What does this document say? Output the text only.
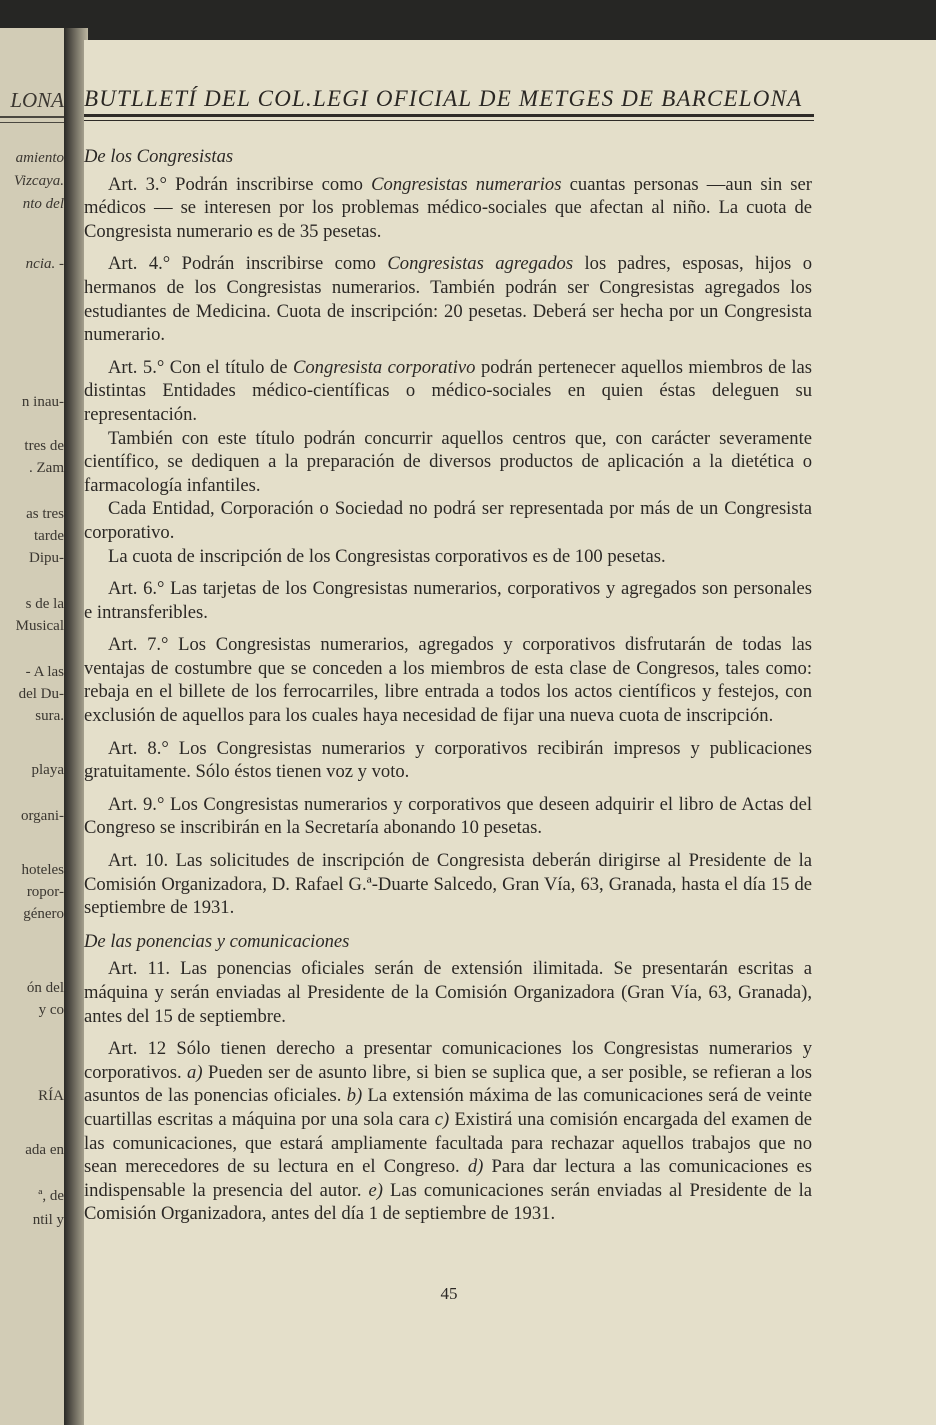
LONA
amiento
Vizcaya.
nto del
ncia. -
n inau-
tres de
. Zam
as tres
tarde
Dipu-
s de la
Musical
- A las
del Du-
sura.
playa
organi-
hoteles
ropor-
género
ón del
y co
RÍA
ada en
ª, de
ntil y
BUTLLETÍ DEL COL.LEGI OFICIAL DE METGES DE BARCELONA

De los Congresistas

Art. 3.° Podrán inscribirse como Congresistas numerarios cuantas personas —aun sin ser médicos — se interesen por los problemas médico-sociales que afectan al niño. La cuota de Congresista numerario es de 35 pesetas.

Art. 4.° Podrán inscribirse como Congresistas agregados los padres, esposas, hijos o hermanos de los Congresistas numerarios. También podrán ser Congresistas agregados los estudiantes de Medicina. Cuota de inscripción: 20 pesetas. Deberá ser hecha por un Congresista numerario.

Art. 5.° Con el título de Congresista corporativo podrán pertenecer aquellos miembros de las distintas Entidades médico-científicas o médico-sociales en quien éstas deleguen su representación.

También con este título podrán concurrir aquellos centros que, con carácter severamente científico, se dediquen a la preparación de diversos productos de aplicación a la dietética o farmacología infantiles.

Cada Entidad, Corporación o Sociedad no podrá ser representada por más de un Congresista corporativo.

La cuota de inscripción de los Congresistas corporativos es de 100 pesetas.

Art. 6.° Las tarjetas de los Congresistas numerarios, corporativos y agregados son personales e intransferibles.

Art. 7.° Los Congresistas numerarios, agregados y corporativos disfrutarán de todas las ventajas de costumbre que se conceden a los miembros de esta clase de Congresos, tales como: rebaja en el billete de los ferrocarriles, libre entrada a todos los actos científicos y festejos, con exclusión de aquellos para los cuales haya necesidad de fijar una nueva cuota de inscripción.

Art. 8.° Los Congresistas numerarios y corporativos recibirán impresos y publicaciones gratuitamente. Sólo éstos tienen voz y voto.

Art. 9.° Los Congresistas numerarios y corporativos que deseen adquirir el libro de Actas del Congreso se inscribirán en la Secretaría abonando 10 pesetas.

Art. 10. Las solicitudes de inscripción de Congresista deberán dirigirse al Presidente de la Comisión Organizadora, D. Rafael G.ª-Duarte Salcedo, Gran Vía, 63, Granada, hasta el día 15 de septiembre de 1931.

De las ponencias y comunicaciones

Art. 11. Las ponencias oficiales serán de extensión ilimitada. Se presentarán escritas a máquina y serán enviadas al Presidente de la Comisión Organizadora (Gran Vía, 63, Granada), antes del 15 de septiembre.

Art. 12 Sólo tienen derecho a presentar comunicaciones los Congresistas numerarios y corporativos. a) Pueden ser de asunto libre, si bien se suplica que, a ser posible, se refieran a los asuntos de las ponencias oficiales. b) La extensión máxima de las comunicaciones será de veinte cuartillas escritas a máquina por una sola cara c) Existirá una comisión encargada del examen de las comunicaciones, que estará ampliamente facultada para rechazar aquellos trabajos que no sean merecedores de su lectura en el Congreso. d) Para dar lectura a las comunicaciones es indispensable la presencia del autor. e) Las comunicaciones serán enviadas al Presidente de la Comisión Organizadora, antes del día 1 de septiembre de 1931.

45
